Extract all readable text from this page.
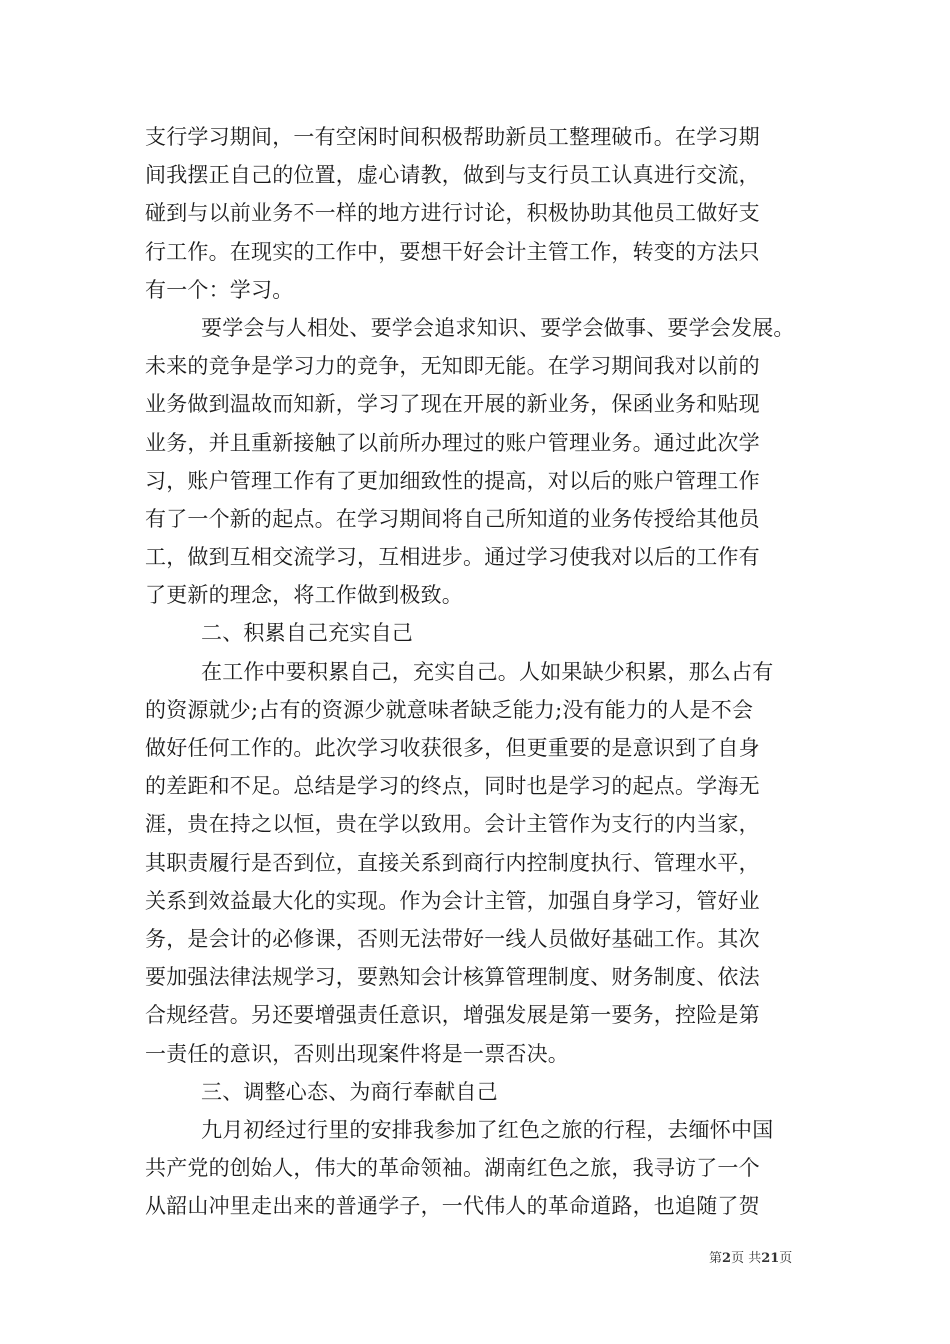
支行学习期间，一有空闲时间积极帮助新员工整理破币。在学习期
间我摆正自己的位置，虚心请教，做到与支行员工认真进行交流，
碰到与以前业务不一样的地方进行讨论，积极协助其他员工做好支
行工作。在现实的工作中，要想干好会计主管工作，转变的方法只
有一个：学习。
要学会与人相处、要学会追求知识、要学会做事、要学会发展。
未来的竞争是学习力的竞争，无知即无能。在学习期间我对以前的
业务做到温故而知新，学习了现在开展的新业务，保函业务和贴现
业务，并且重新接触了以前所办理过的账户管理业务。通过此次学
习，账户管理工作有了更加细致性的提高，对以后的账户管理工作
有了一个新的起点。在学习期间将自己所知道的业务传授给其他员
工，做到互相交流学习，互相进步。通过学习使我对以后的工作有
了更新的理念，将工作做到极致。
二、积累自己充实自己
在工作中要积累自己，充实自己。人如果缺少积累，那么占有
的资源就少;占有的资源少就意味者缺乏能力;没有能力的人是不会
做好任何工作的。此次学习收获很多，但更重要的是意识到了自身
的差距和不足。总结是学习的终点，同时也是学习的起点。学海无
涯，贵在持之以恒，贵在学以致用。会计主管作为支行的内当家，
其职责履行是否到位，直接关系到商行内控制度执行、管理水平，
关系到效益最大化的实现。作为会计主管，加强自身学习，管好业
务，是会计的必修课，否则无法带好一线人员做好基础工作。其次
要加强法律法规学习，要熟知会计核算管理制度、财务制度、依法
合规经营。另还要增强责任意识，增强发展是第一要务，控险是第
一责任的意识，否则出现案件将是一票否决。
三、调整心态、为商行奉献自己
九月初经过行里的安排我参加了红色之旅的行程，去缅怀中国
共产党的创始人，伟大的革命领袖。湖南红色之旅，我寻访了一个
从韶山冲里走出来的普通学子，一代伟人的革命道路，也追随了贺
第2页 共21页
